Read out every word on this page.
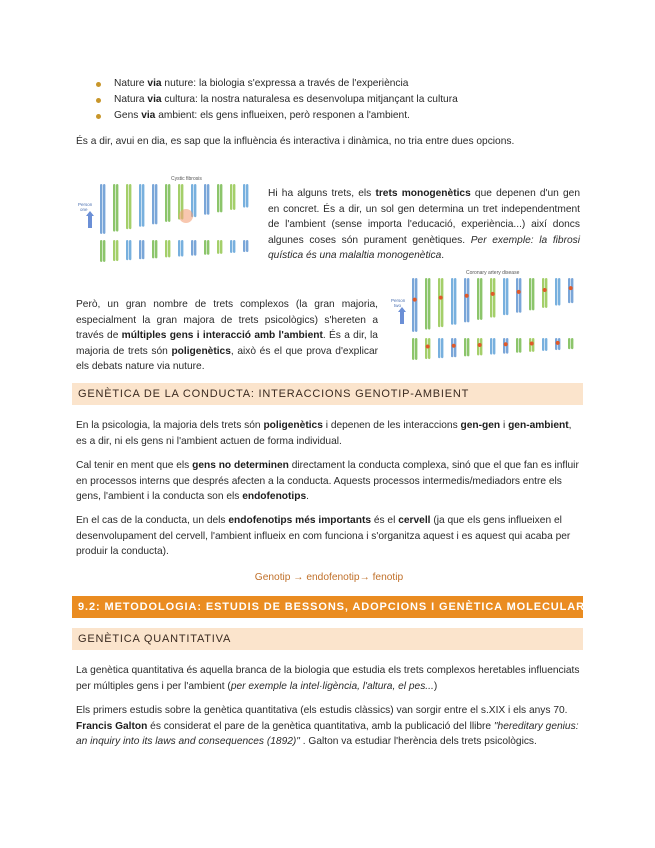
Nature via nuture: la biologia s'expressa a través de l'experiència
Natura via cultura: la nostra naturalesa es desenvolupa mitjançant la cultura
Gens via ambient: els gens influeixen, però responen a l'ambient.

És a dir, avui en dia, es sap que la influència és interactiva i dinàmica, no tria entre dues opcions.

Cystic fibrosis
Person
one
Hi ha alguns trets, els trets monogenètics que depenen d'un gen en concret. És a dir, un sol gen determina un tret independentment de l'ambient (sense importa l'educació, experiència...) així doncs algunes coses són purament genètiques. Per exemple: la fibrosi quística és una malaltia monogenètica.
Coronary artery disease
Person
two
Però, un gran nombre de trets complexos (la gran majoria, especialment la gran majora de trets psicològics) s'hereten a través de múltiples gens i interacció amb l'ambient. És a dir, la majoria de trets són poligenètics, això és el que prova d'explicar els debats nature via nuture.
GENÈTICA DE LA CONDUCTA: INTERACCIONS GENOTIP-AMBIENT
En la psicologia, la majoria dels trets són poligenètics i depenen de les interaccions gen-gen i gen-ambient, es a dir, ni els gens ni l'ambient actuen de forma individual.
Cal tenir en ment que els gens no determinen directament la conducta complexa, sinó que el que fan es influir en processos interns que després afecten a la conducta. Aquests processos intermedis/mediadors entre els gens, l'ambient i la conducta son els endofenotips.
En el cas de la conducta, un dels endofenotips més importants és el cervell (ja que els gens influeixen el desenvolupament del cervell, l'ambient influeix en com funciona i s'organitza aquest i es aquest qui acaba per produir la conducta).

Genotip → endofenotip→ fenotip

9.2: METODOLOGIA: ESTUDIS DE BESSONS, ADOPCIONS I GENÈTICA MOLECULAR
GENÈTICA QUANTITATIVA
La genètica quantitativa és aquella branca de la biologia que estudia els trets complexos heretables influenciats per múltiples gens i per l'ambient (per exemple la intel·ligència, l'altura, el pes...)
Els primers estudis sobre la genètica quantitativa (els estudis clàssics) van sorgir entre el s.XIX i els anys 70. Francis Galton és considerat el pare de la genètica quantitativa, amb la publicació del llibre "hereditary genius: an inquiry into its laws and consequences (1892)" . Galton va estudiar l'herència dels trets psicològics.
